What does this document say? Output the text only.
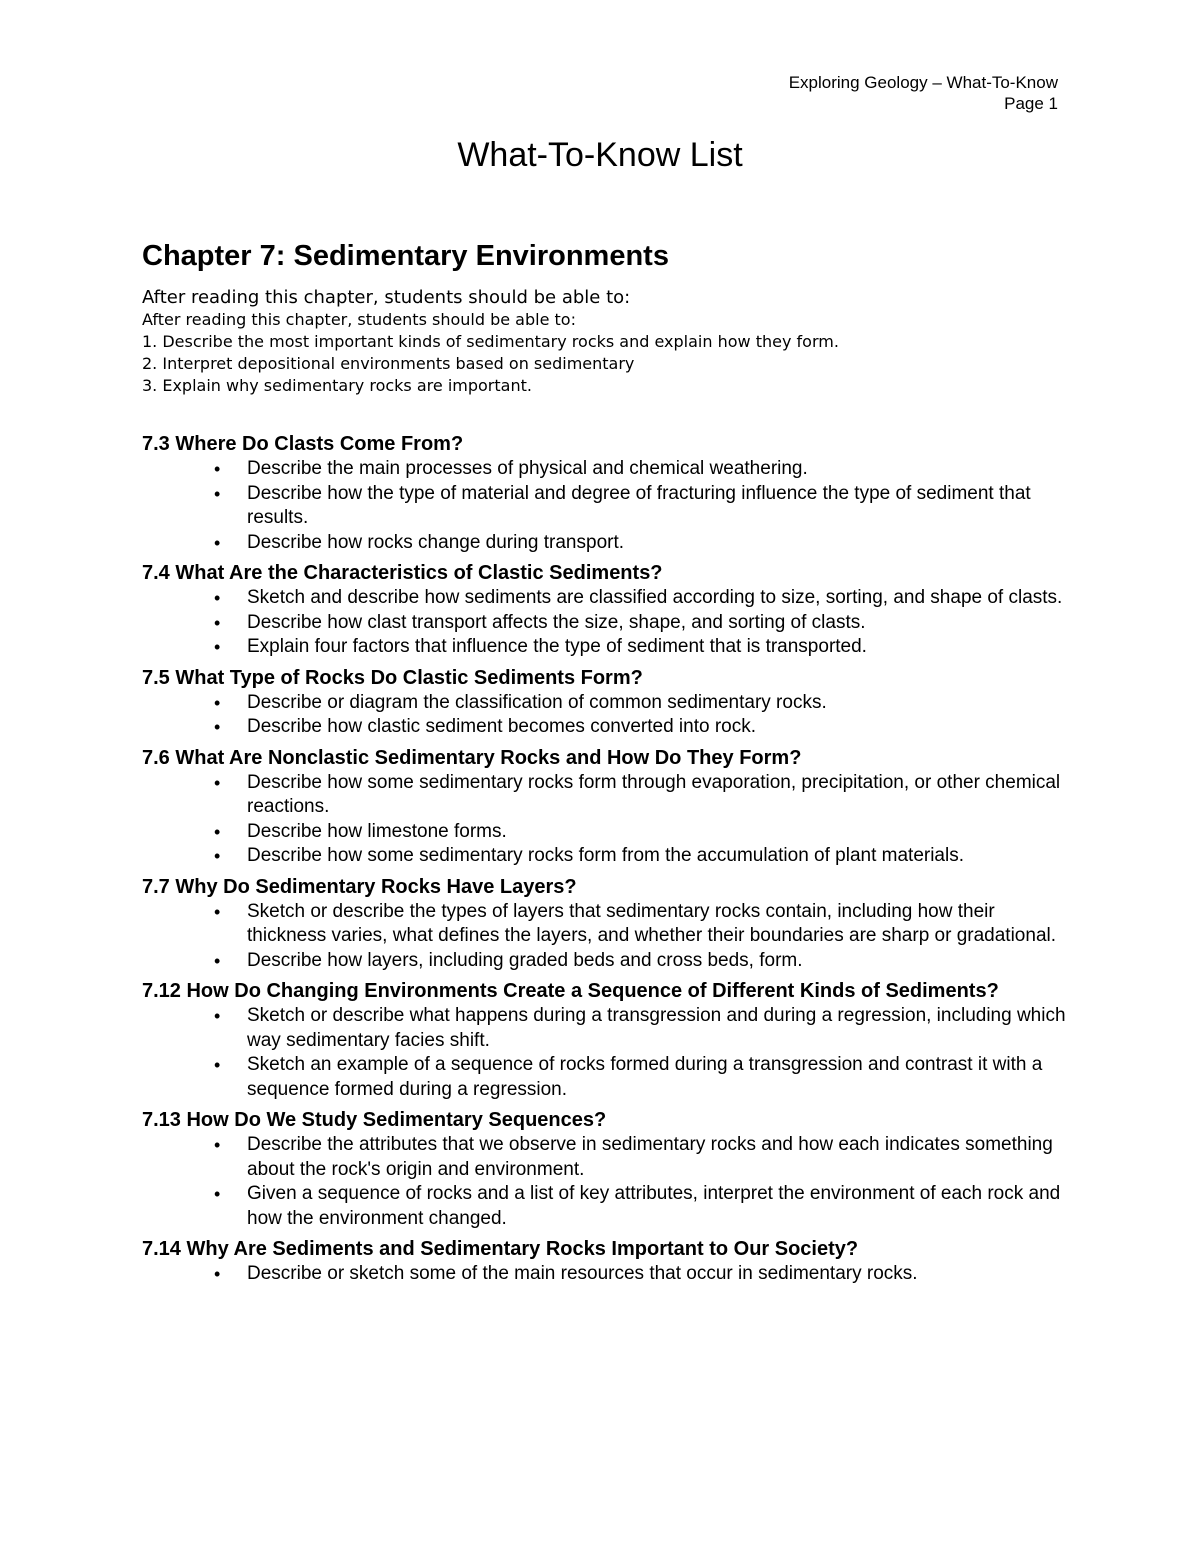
Exploring Geology – What-To-Know
Page 1
What-To-Know List
Chapter 7: Sedimentary Environments

After reading this chapter, students should be able to:

After reading this chapter, students should be able to:

1. Describe the most important kinds of sedimentary rocks and explain how they form.
2. Interpret depositional environments based on sedimentary
3. Explain why sedimentary rocks are important.
7.3 Where Do Clasts Come From?
• Describe the main processes of physical and chemical weathering.
• Describe how the type of material and degree of fracturing influence the type of sediment that results.
• Describe how rocks change during transport.
7.4 What Are the Characteristics of Clastic Sediments?
• Sketch and describe how sediments are classified according to size, sorting, and shape of clasts.
• Describe how clast transport affects the size, shape, and sorting of clasts.
• Explain four factors that influence the type of sediment that is transported.
7.5 What Type of Rocks Do Clastic Sediments Form?
• Describe or diagram the classification of common sedimentary rocks.
• Describe how clastic sediment becomes converted into rock.
7.6 What Are Nonclastic Sedimentary Rocks and How Do They Form?
• Describe how some sedimentary rocks form through evaporation, precipitation, or other chemical reactions.
• Describe how limestone forms.
• Describe how some sedimentary rocks form from the accumulation of plant materials.
7.7 Why Do Sedimentary Rocks Have Layers?
• Sketch or describe the types of layers that sedimentary rocks contain, including how their thickness varies, what defines the layers, and whether their boundaries are sharp or gradational.
• Describe how layers, including graded beds and cross beds, form.
7.12 How Do Changing Environments Create a Sequence of Different Kinds of Sediments?
• Sketch or describe what happens during a transgression and during a regression, including which way sedimentary facies shift.
• Sketch an example of a sequence of rocks formed during a transgression and contrast it with a sequence formed during a regression.
7.13 How Do We Study Sedimentary Sequences?
• Describe the attributes that we observe in sedimentary rocks and how each indicates something about the rock's origin and environment.
• Given a sequence of rocks and a list of key attributes, interpret the environment of each rock and how the environment changed.
7.14 Why Are Sediments and Sedimentary Rocks Important to Our Society?
• Describe or sketch some of the main resources that occur in sedimentary rocks.
